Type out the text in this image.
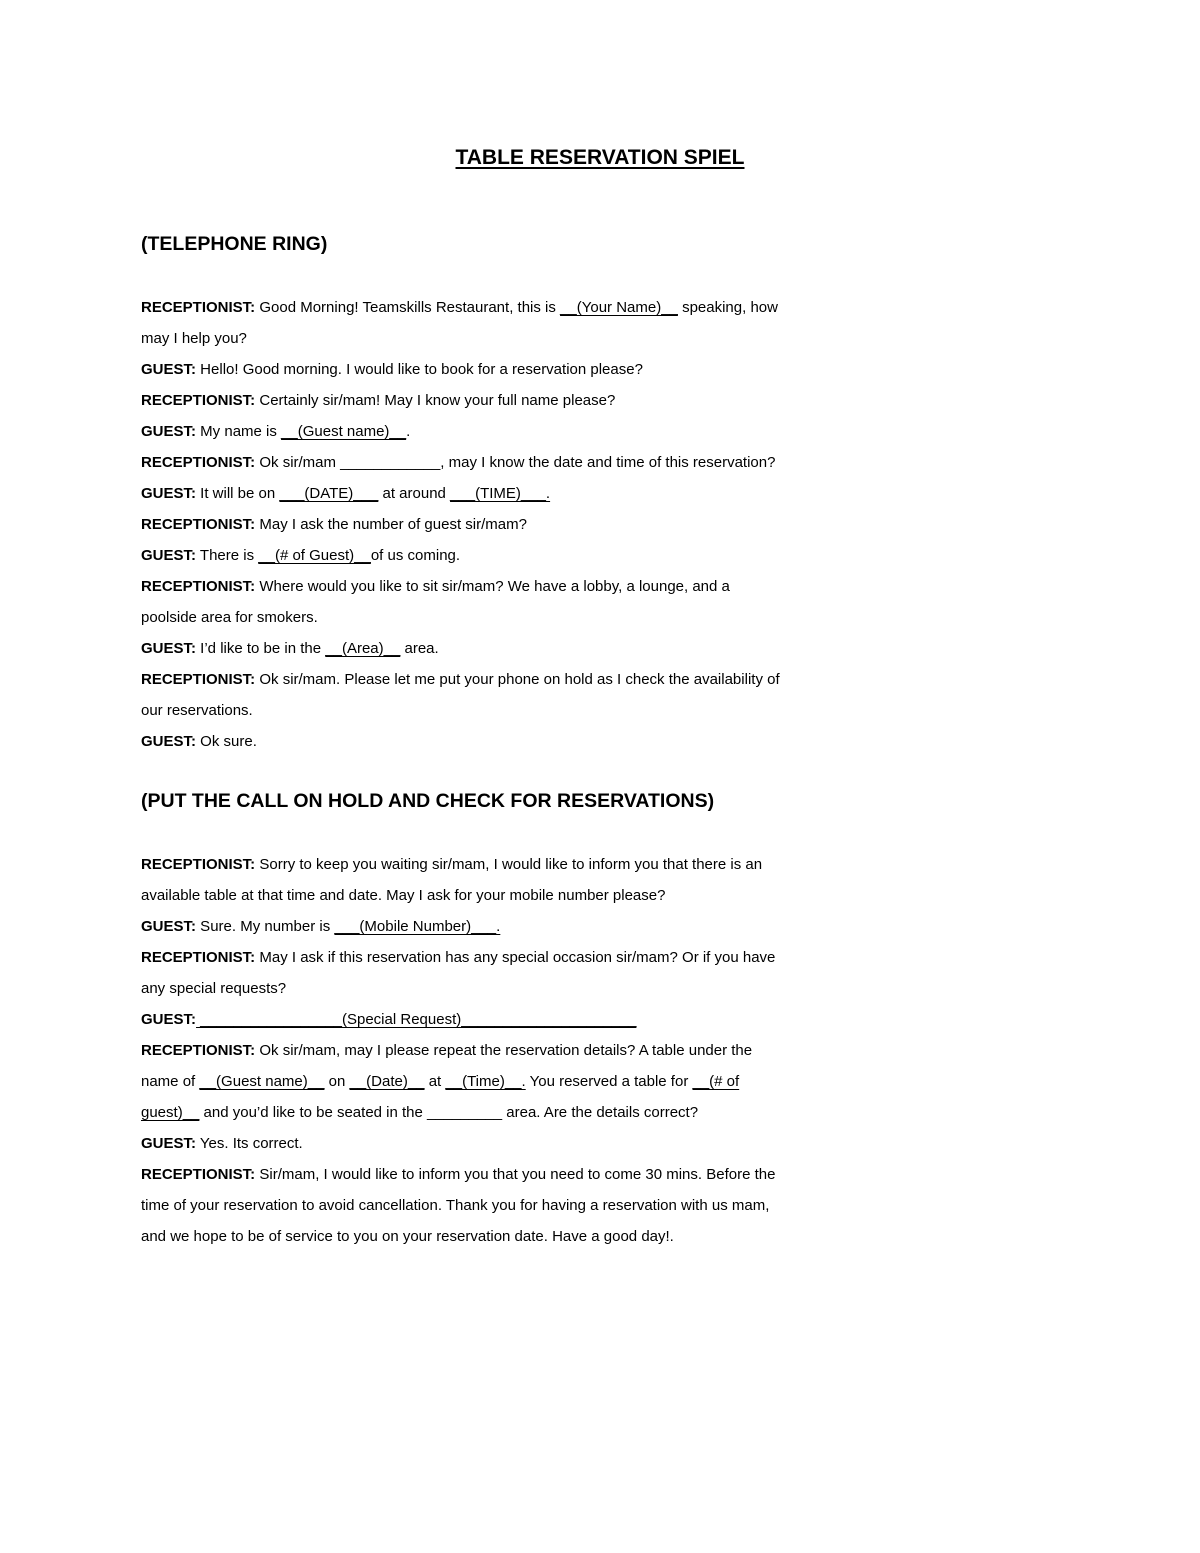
TABLE RESERVATION SPIEL
(TELEPHONE RING)
RECEPTIONIST: Good Morning! Teamskills Restaurant, this is __(Your Name)__ speaking, how
may I help you?
GUEST: Hello! Good morning. I would like to book for a reservation please?
RECEPTIONIST: Certainly sir/mam! May I know your full name please?
GUEST: My name is __(Guest name)__.
RECEPTIONIST: Ok sir/mam ____________, may I know the date and time of this reservation?
GUEST: It will be on ___(DATE)___ at around ___(TIME)___.
RECEPTIONIST: May I ask the number of guest sir/mam?
GUEST: There is __(# of Guest)__of us coming.
RECEPTIONIST: Where would you like to sit sir/mam? We have a lobby, a lounge, and a
poolside area for smokers.
GUEST: I’d like to be in the __(Area)__ area.
RECEPTIONIST: Ok sir/mam. Please let me put your phone on hold as I check the availability of
our reservations.
GUEST: Ok sure.
(PUT THE CALL ON HOLD AND CHECK FOR RESERVATIONS)
RECEPTIONIST: Sorry to keep you waiting sir/mam, I would like to inform you that there is an
available table at that time and date. May I ask for your mobile number please?
GUEST: Sure. My number is ___(Mobile Number)___.
RECEPTIONIST: May I ask if this reservation has any special occasion sir/mam? Or if you have
any special requests?
GUEST: _________________(Special Request)_____________________
RECEPTIONIST: Ok sir/mam, may I please repeat the reservation details? A table under the
name of __(Guest name)__ on __(Date)__ at __(Time)__. You reserved a table for __(# of
guest)__ and you’d like to be seated in the _________ area. Are the details correct?
GUEST: Yes. Its correct.
RECEPTIONIST: Sir/mam, I would like to inform you that you need to come 30 mins. Before the
time of your reservation to avoid cancellation. Thank you for having a reservation with us mam,
and we hope to be of service to you on your reservation date. Have a good day!.
